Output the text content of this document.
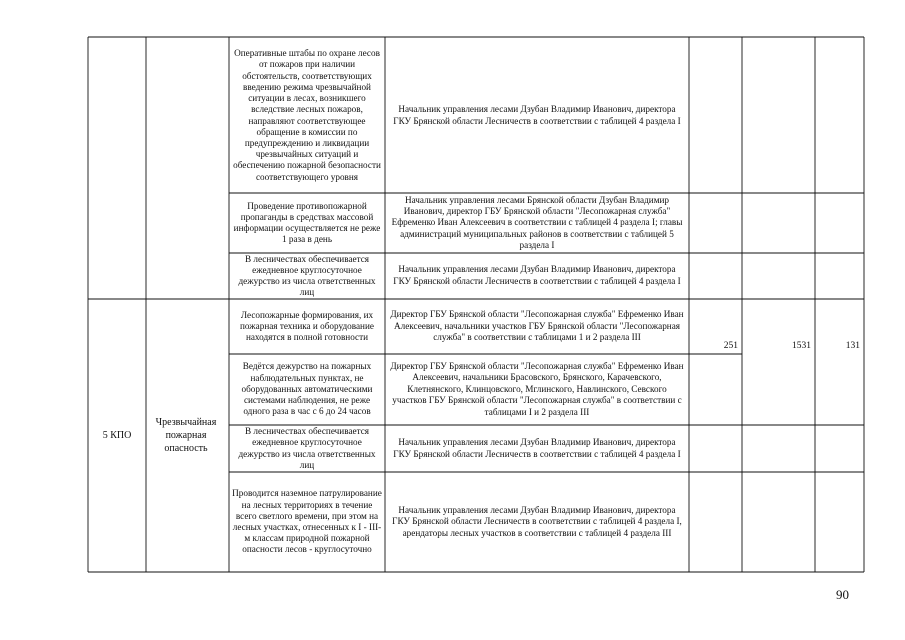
5 КПО
Чрезвычайная пожарная опасность
Оперативные штабы по охране лесов от пожаров при наличии обстоятельств, соответствующих введению режима чрезвычайной ситуации в лесах, возникшего вследствие лесных пожаров, направляют соответствующее обращение в комиссии по предупреждению и ликвидации чрезвычайных ситуаций и обеспечению пожарной безопасности соответствующего уровня
Начальник управления лесами Дзубан Владимир Иванович, директора ГКУ Брянской области Лесничеств в соответствии с таблицей 4 раздела I
Проведение противопожарной пропаганды в средствах массовой информации осуществляется не реже 1 раза в день
Начальник управления лесами Брянской области Дзубан Владимир Иванович, директор ГБУ Брянской области "Лесопожарная служба" Ефременко Иван Алексеевич в соответствии с таблицей 4 раздела I; главы администраций муниципальных районов в соответствии с таблицей 5 раздела I
В лесничествах обеспечивается ежедневное круглосуточное дежурство из числа ответственных лиц
Начальник управления лесами Дзубан Владимир Иванович, директора ГКУ Брянской области Лесничеств в соответствии с таблицей 4 раздела I
Лесопожарные формирования, их пожарная техника и оборудование находятся в полной готовности
Директор ГБУ Брянской области "Лесопожарная служба" Ефременко Иван Алексеевич, начальники участков ГБУ Брянской области "Лесопожарная служба" в соответствии с таблицами 1 и 2 раздела III
Ведётся дежурство на пожарных наблюдательных пунктах, не оборудованных автоматическими системами наблюдения, не реже одного раза в час с 6 до 24 часов
Директор ГБУ Брянской области "Лесопожарная служба" Ефременко Иван Алексеевич, начальники Брасовского, Брянского, Карачевского, Клетнянского, Клинцовского, Мглинского, Навлинского, Севского участков ГБУ Брянской области "Лесопожарная служба" в соответствии с таблицами I и 2 раздела III
В лесничествах обеспечивается ежедневное круглосуточное дежурство из числа ответственных лиц
Начальник управления лесами Дзубан Владимир Иванович, директора ГКУ Брянской области Лесничеств в соответствии с таблицей 4 раздела I
Проводится наземное патрулирование на лесных территориях в течение всего светлого времени, при этом на лесных участках, отнесенных к I - III-м классам природной пожарной опасности лесов - круглосуточно
Начальник управления лесами Дзубан Владимир Иванович, директора ГКУ Брянской области Лесничеств в соответствии с таблицей 4 раздела I, арендаторы лесных участков в соответствии с таблицей 4 раздела III
251	1531	131
90
